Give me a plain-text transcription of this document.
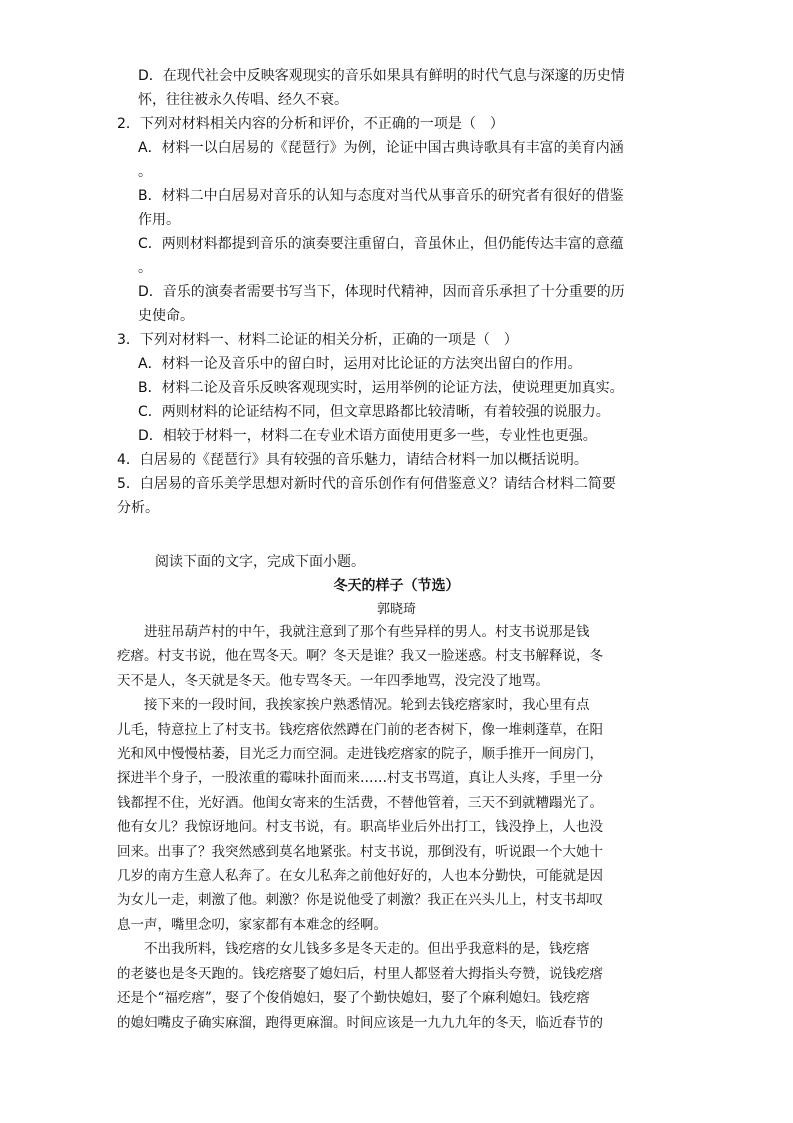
D．在现代社会中反映客观现实的音乐如果具有鲜明的时代气息与深邃的历史情
怀，往往被永久传唱、经久不衰。
2．下列对材料相关内容的分析和评价，不正确的一项是（　）
A．材料一以白居易的《琵琶行》为例，论证中国古典诗歌具有丰富的美育内涵
。
B．材料二中白居易对音乐的认知与态度对当代从事音乐的研究者有很好的借鉴
作用。
C．两则材料都提到音乐的演奏要注重留白，音虽休止，但仍能传达丰富的意蕴
。
D．音乐的演奏者需要书写当下，体现时代精神，因而音乐承担了十分重要的历
史使命。
3．下列对材料一、材料二论证的相关分析，正确的一项是（　）
A．材料一论及音乐中的留白时，运用对比论证的方法突出留白的作用。
B．材料二论及音乐反映客观现实时，运用举例的论证方法，使说理更加真实。
C．两则材料的论证结构不同，但文章思路都比较清晰，有着较强的说服力。
D．相较于材料一，材料二在专业术语方面使用更多一些，专业性也更强。
4．白居易的《琵琶行》具有较强的音乐魅力，请结合材料一加以概括说明。
5．白居易的音乐美学思想对新时代的音乐创作有何借鉴意义？请结合材料二简要
分析。
阅读下面的文字，完成下面小题。
冬天的样子（节选）
郭晓琦
　　进驻吊葫芦村的中午，我就注意到了那个有些异样的男人。村支书说那是钱
疙瘩。村支书说，他在骂冬天。啊？冬天是谁？我又一脸迷惑。村支书解释说，冬
天不是人，冬天就是冬天。他专骂冬天。一年四季地骂，没完没了地骂。
　　接下来的一段时间，我挨家挨户熟悉情况。轮到去钱疙瘩家时，我心里有点
儿毛，特意拉上了村支书。钱疙瘩依然蹲在门前的老杏树下，像一堆刺蓬草，在阳
光和风中慢慢枯萎，目光乏力而空洞。走进钱疙瘩家的院子，顺手推开一间房门，
探进半个身子，一股浓重的霉味扑面而来……村支书骂道，真让人头疼，手里一分
钱都捏不住，光好酒。他闺女寄来的生活费，不替他管着，三天不到就糟蹋光了。
他有女儿？我惊讶地问。村支书说，有。职高毕业后外出打工，钱没挣上，人也没
回来。出事了？我突然感到莫名地紧张。村支书说，那倒没有，听说跟一个大她十
几岁的南方生意人私奔了。在女儿私奔之前他好好的，人也本分勤快，可能就是因
为女儿一走，刺激了他。刺激？你是说他受了刺激？我正在兴头儿上，村支书却叹
息一声，嘴里念叨，家家都有本难念的经啊。
　　不出我所料，钱疙瘩的女儿钱多多是冬天走的。但出乎我意料的是，钱疙瘩
的老婆也是冬天跑的。钱疙瘩娶了媳妇后，村里人都竖着大拇指头夸赞，说钱疙瘩
还是个“福疙瘩”，娶了个俊俏媳妇，娶了个勤快媳妇，娶了个麻利媳妇。钱疙瘩
的媳妇嘴皮子确实麻溜，跑得更麻溜。时间应该是一九九九年的冬天，临近春节的
